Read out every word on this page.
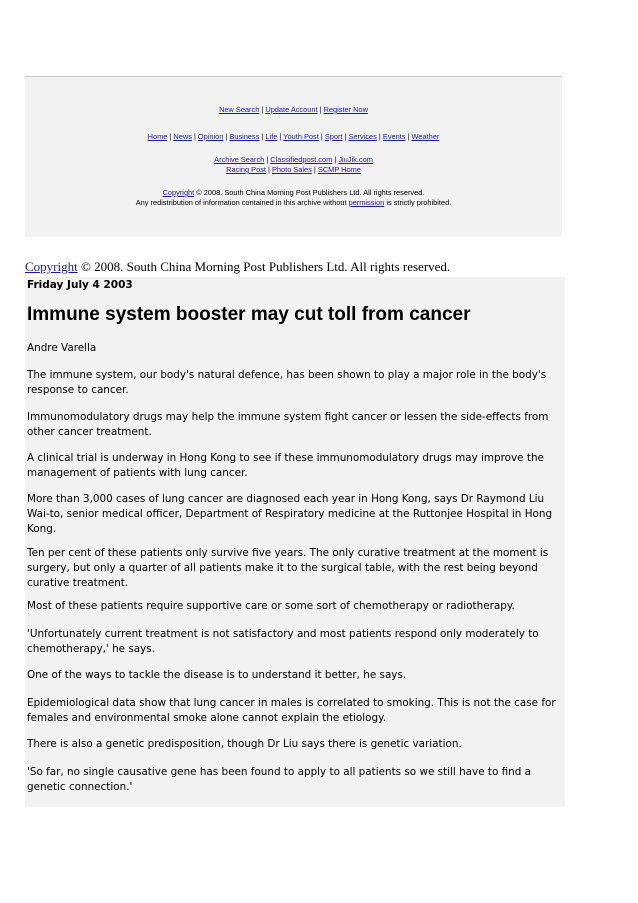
New Search | Update Account | Register Now
Home | News | Opinion | Business | Life | Youth Post | Sport | Services | Events | Weather
Archive Search | Classifiedpost.com | JiuJik.com
Racing Post | Photo Sales | SCMP Home
Copyright © 2008. South China Morning Post Publishers Ltd. All rights reserved.
Any redistribution of information contained in this archive without permission is strictly prohibited.
Copyright © 2008. South China Morning Post Publishers Ltd. All rights reserved.
Friday July 4 2003
Immune system booster may cut toll from cancer
Andre Varella
The immune system, our body's natural defence, has been shown to play a major role in the body's response to cancer.
Immunomodulatory drugs may help the immune system fight cancer or lessen the side-effects from other cancer treatment.
A clinical trial is underway in Hong Kong to see if these immunomodulatory drugs may improve the management of patients with lung cancer.
More than 3,000 cases of lung cancer are diagnosed each year in Hong Kong, says Dr Raymond Liu Wai-to, senior medical officer, Department of Respiratory medicine at the Ruttonjee Hospital in Hong Kong.
Ten per cent of these patients only survive five years. The only curative treatment at the moment is surgery, but only a quarter of all patients make it to the surgical table, with the rest being beyond curative treatment.
Most of these patients require supportive care or some sort of chemotherapy or radiotherapy.
'Unfortunately current treatment is not satisfactory and most patients respond only moderately to chemotherapy,' he says.
One of the ways to tackle the disease is to understand it better, he says.
Epidemiological data show that lung cancer in males is correlated to smoking. This is not the case for females and environmental smoke alone cannot explain the etiology.
There is also a genetic predisposition, though Dr Liu says there is genetic variation.
'So far, no single causative gene has been found to apply to all patients so we still have to find a genetic connection.'
